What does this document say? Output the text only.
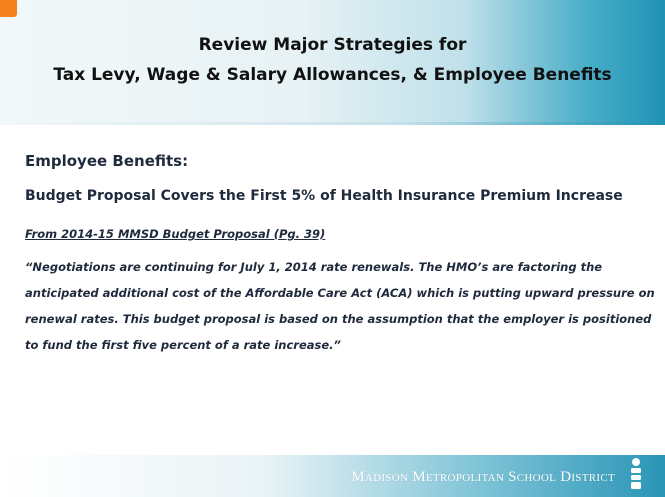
Review Major Strategies for
Tax Levy, Wage & Salary Allowances, & Employee Benefits

Employee Benefits:

Budget Proposal Covers the First 5% of Health Insurance Premium Increase

From 2014-15 MMSD Budget Proposal (Pg. 39)

“Negotiations are continuing for July 1, 2014 rate renewals. The HMO’s are factoring the
anticipated additional cost of the Affordable Care Act (ACA) which is putting upward pressure on
renewal rates. This budget proposal is based on the assumption that the employer is positioned
to fund the first five percent of a rate increase.”

Madison Metropolitan School District
